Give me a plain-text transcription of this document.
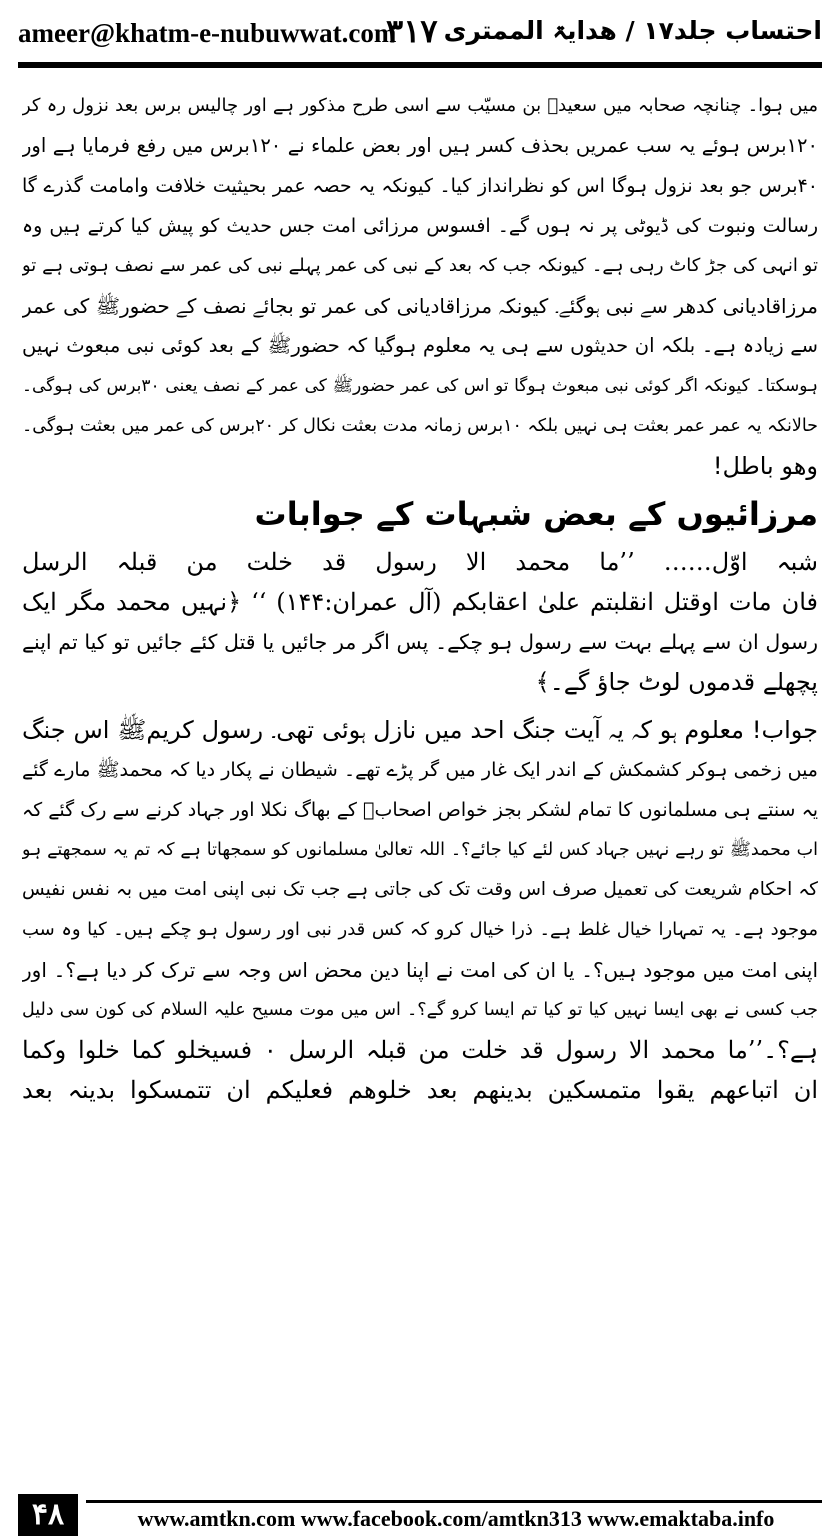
ameer@khatm-e-nubuwwat.com
۳۱۷ احتساب جلد۱۷ / ھدایۃ الممتری
میں ہوا۔ چنانچہ صحابہ میں سعیدؓ بن مسیّب سے اسی طرح مذکور ہے اور چالیس برس بعد نزول رہ کر
۱۲۰برس ہوئے یہ سب عمریں بحذف کسر ہیں اور بعض علماء نے ۱۲۰برس میں رفع فرمایا ہے اور
۴۰برس جو بعد نزول ہوگا اس کو نظرانداز کیا۔ کیونکہ یہ حصہ عمر بحیثیت خلافت وامامت گذرے گا
رسالت ونبوت کی ڈیوٹی پر نہ ہوں گے۔ افسوس مرزائی امت جس حدیث کو پیش کیا کرتے ہیں وہ
تو انہی کی جڑ کاٹ رہی ہے۔ کیونکہ جب کہ بعد کے نبی کی عمر پہلے نبی کی عمر سے نصف ہوتی ہے تو
مرزاقادیانی کدھر سے نبی ہوگئے۔ کیونکہ مرزاقادیانی کی عمر تو بجائے نصف کے حضورﷺ کی عمر
سے زیادہ ہے۔ بلکہ ان حدیثوں سے ہی یہ معلوم ہوگیا کہ حضورﷺ کے بعد کوئی نبی مبعوث نہیں
ہوسکتا۔ کیونکہ اگر کوئی نبی مبعوث ہوگا تو اس کی عمر حضورﷺ کی عمر کے نصف یعنی ۳۰برس کی ہوگی۔
حالانکہ یہ عمر عمر بعثت ہی نہیں بلکہ ۱۰برس زمانہ مدت بعثت نکال کر ۲۰برس کی عمر میں بعثت ہوگی۔
وھو باطل!
مرزائیوں کے بعض شبہات کے جوابات
شبہ اوّل…… ’’ما محمد الا رسول قد خلت من قبلہ الرسل
فان مات اوقتل انقلبتم علیٰ اعقابکم (آل عمران:۱۴۴) ‘‘ ﴿نہیں محمد مگر ایک
رسول ان سے پہلے بہت سے رسول ہو چکے۔ پس اگر مر جائیں یا قتل کئے جائیں تو کیا تم اپنے
پچھلے قدموں لوٹ جاؤ گے۔﴾
جواب! معلوم ہو کہ یہ آیت جنگ احد میں نازل ہوئی تھی۔ رسول کریمﷺ اس جنگ
میں زخمی ہوکر کشمکش کے اندر ایک غار میں گر پڑے تھے۔ شیطان نے پکار دیا کہ محمدﷺ مارے گئے
یہ سنتے ہی مسلمانوں کا تمام لشکر بجز خواص اصحابؓ کے بھاگ نکلا اور جہاد کرنے سے رک گئے کہ
اب محمدﷺ تو رہے نہیں جہاد کس لئے کیا جائے؟۔ اللہ تعالیٰ مسلمانوں کو سمجھاتا ہے کہ تم یہ سمجھتے ہو
کہ احکام شریعت کی تعمیل صرف اس وقت تک کی جاتی ہے جب تک نبی اپنی امت میں بہ نفس نفیس
موجود ہے۔ یہ تمہارا خیال غلط ہے۔ ذرا خیال کرو کہ کس قدر نبی اور رسول ہو چکے ہیں۔ کیا وہ سب
اپنی امت میں موجود ہیں؟۔ یا ان کی امت نے اپنا دین محض اس وجہ سے ترک کر دیا ہے؟۔ اور
جب کسی نے بھی ایسا نہیں کیا تو کیا تم ایسا کرو گے؟۔ اس میں موت مسیح علیہ السلام کی کون سی دلیل
ہے؟۔’’ما محمد الا رسول قد خلت من قبلہ الرسل ۰ فسیخلو کما خلوا وکما
ان اتباعھم یقوا متمسکین بدینھم بعد خلوھم فعلیکم ان تتمسکوا بدینہ بعد
۴۸	www.amtkn.com www.facebook.com/amtkn313 www.emaktaba.info
